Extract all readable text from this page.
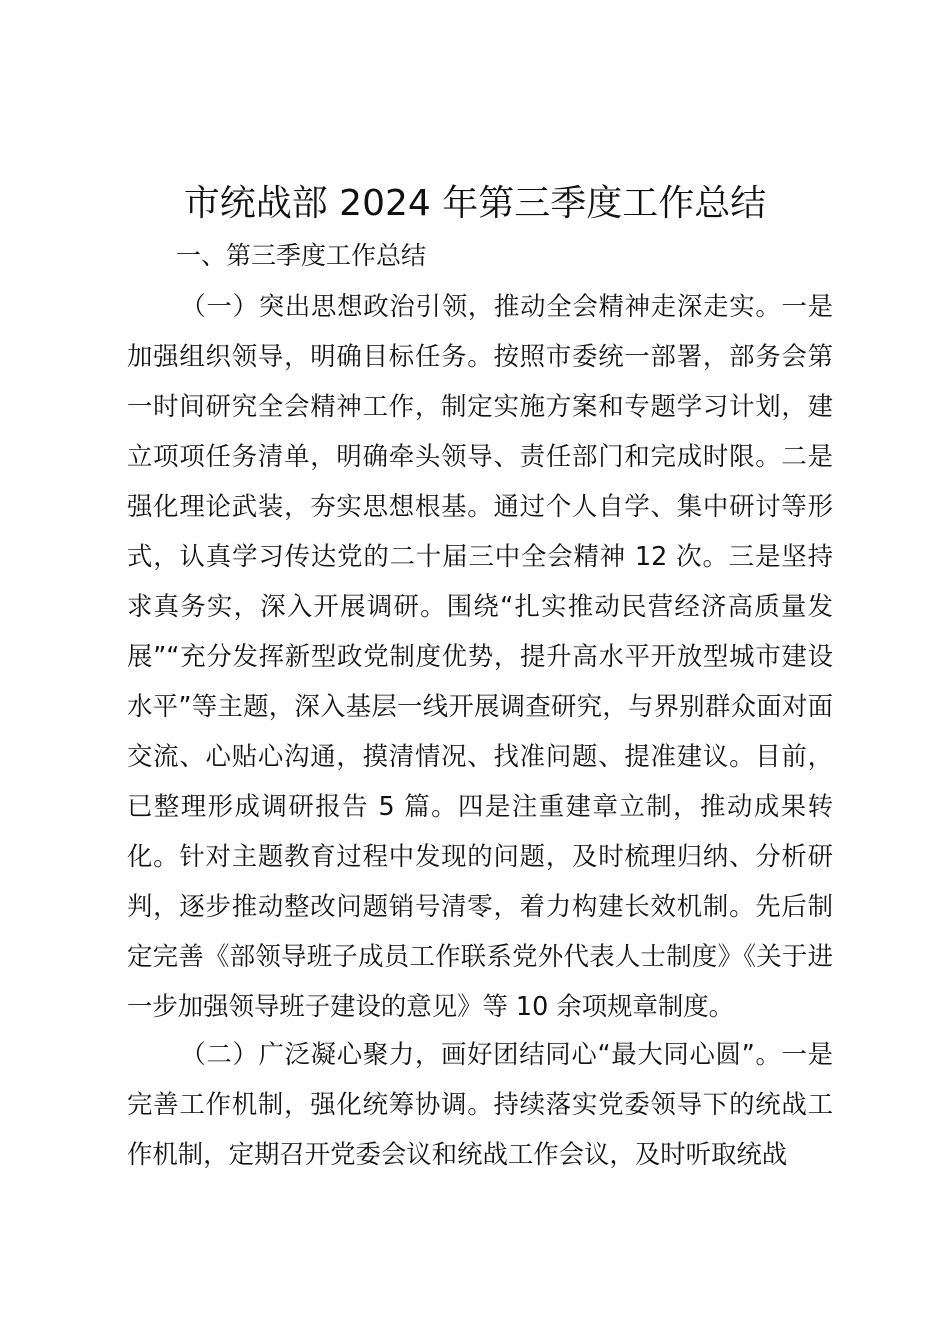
市统战部 2024 年第三季度工作总结
一、第三季度工作总结

（一）突出思想政治引领，推动全会精神走深走实。一是加强组织领导，明确目标任务。按照市委统一部署，部务会第一时间研究全会精神工作，制定实施方案和专题学习计划，建立项项任务清单，明确牵头领导、责任部门和完成时限。二是强化理论武装，夯实思想根基。通过个人自学、集中研讨等形式，认真学习传达党的二十届三中全会精神 12 次。三是坚持求真务实，深入开展调研。围绕“扎实推动民营经济高质量发展”“充分发挥新型政党制度优势，提升高水平开放型城市建设水平”等主题，深入基层一线开展调查研究，与界别群众面对面交流、心贴心沟通，摸清情况、找准问题、提准建议。目前，已整理形成调研报告 5 篇。四是注重建章立制，推动成果转化。针对主题教育过程中发现的问题，及时梳理归纳、分析研判，逐步推动整改问题销号清零，着力构建长效机制。先后制定完善《部领导班子成员工作联系党外代表人士制度》《关于进一步加强领导班子建设的意见》等 10 余项规章制度。

（二）广泛凝心聚力，画好团结同心“最大同心圆”。一是完善工作机制，强化统筹协调。持续落实党委领导下的统战工作机制，定期召开党委会议和统战工作会议，及时听取统战
